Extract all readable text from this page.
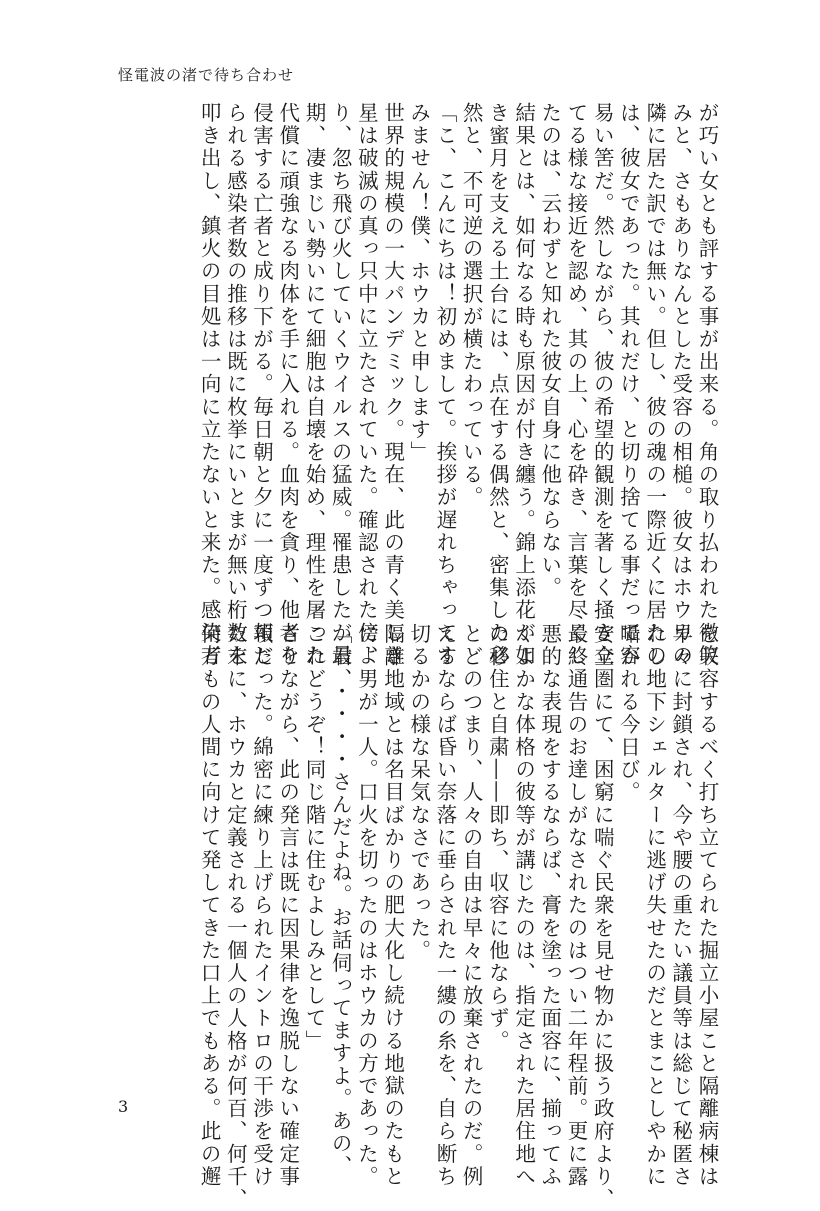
怪電波の渚で待ち合わせ
が巧い女とも評する事が出来る。角の取り払われた微笑
みと、さもありなんとした受容の相槌。彼女はホウカの
隣に居た訳では無い。但し、彼の魂の一際近くに居たの
は、彼女であった。其れだけ、と切り捨てる事だって容
易い筈だ。然しながら、彼の希望的観測を著しく掻き立
てる様な接近を認め、其の上、心を砕き、言葉を尽くし
たのは、云わずと知れた彼女自身に他ならない。
結果とは、如何なる時も原因が付き纏う。錦上添花が如
き蜜月を支える土台には、点在する偶然と、密集した必
然と、不可逆の選択が横たわっている。
「こ、こんにちは！初めまして。挨拶が遅れちゃってす
みません！僕、ホウカと申します」
世界的規模の一大パンデミック。現在、此の青く美しき
星は破滅の真っ只中に立たされていた。確認された傍よ
り、忽ち飛び火していくウイルスの猛威。罹患したが最
期、凄まじい勢いにて細胞は自壊を始め、理性を屠った
代償に頑強なる肉体を手に入れる。血肉を貪り、他者を
侵害する亡者と成り下がる。毎日朝と夕に一度ずつ報じ
られる感染者数の推移は既に枚挙にいとまが無い桁数を
叩き出し、鎮火の目処は一向に立たないと来た。感染者
を収容するべく打ち立てられた掘立小屋こと隔離病棟は
早々に封鎖され、今や腰の重たい議員等は総じて秘匿さ
れし地下シェルターに逃げ失せたのだとまことしやかに
囁かれる今日び。
安全圏にて、困窮に喘ぐ民衆を見せ物かに扱う政府より、
最終通告のお達しがなされたのはつい二年程前。更に露
悪的な表現をするならば、膏を塗った面容に、揃ってふ
くよかな体格の彼等が講じたのは、指定された居住地へ
の移住と自粛――即ち、収容に他ならず。
とどのつまり、人々の自由は早々に放棄されたのだ。例
えるならば昏い奈落に垂らされた一縷の糸を、自ら断ち
切るかの様な呆気なさであった。
隔離地域とは名目ばかりの肥大化し続ける地獄のたもと
に、男が一人。口火を切ったのはホウカの方であった。
「君、・・・・さんだよね。お話伺ってますよ。あの、
これどうぞ！同じ階に住むよしみとして」
さりながら、此の発言は既に因果律を逸脱しない確定事
項だった。綿密に練り上げられたイントロの干渉を受け
た末に、ホウカと定義される一個人の人格が何百、何千、
何万もの人間に向けて発してきた口上でもある。此の邂
3
